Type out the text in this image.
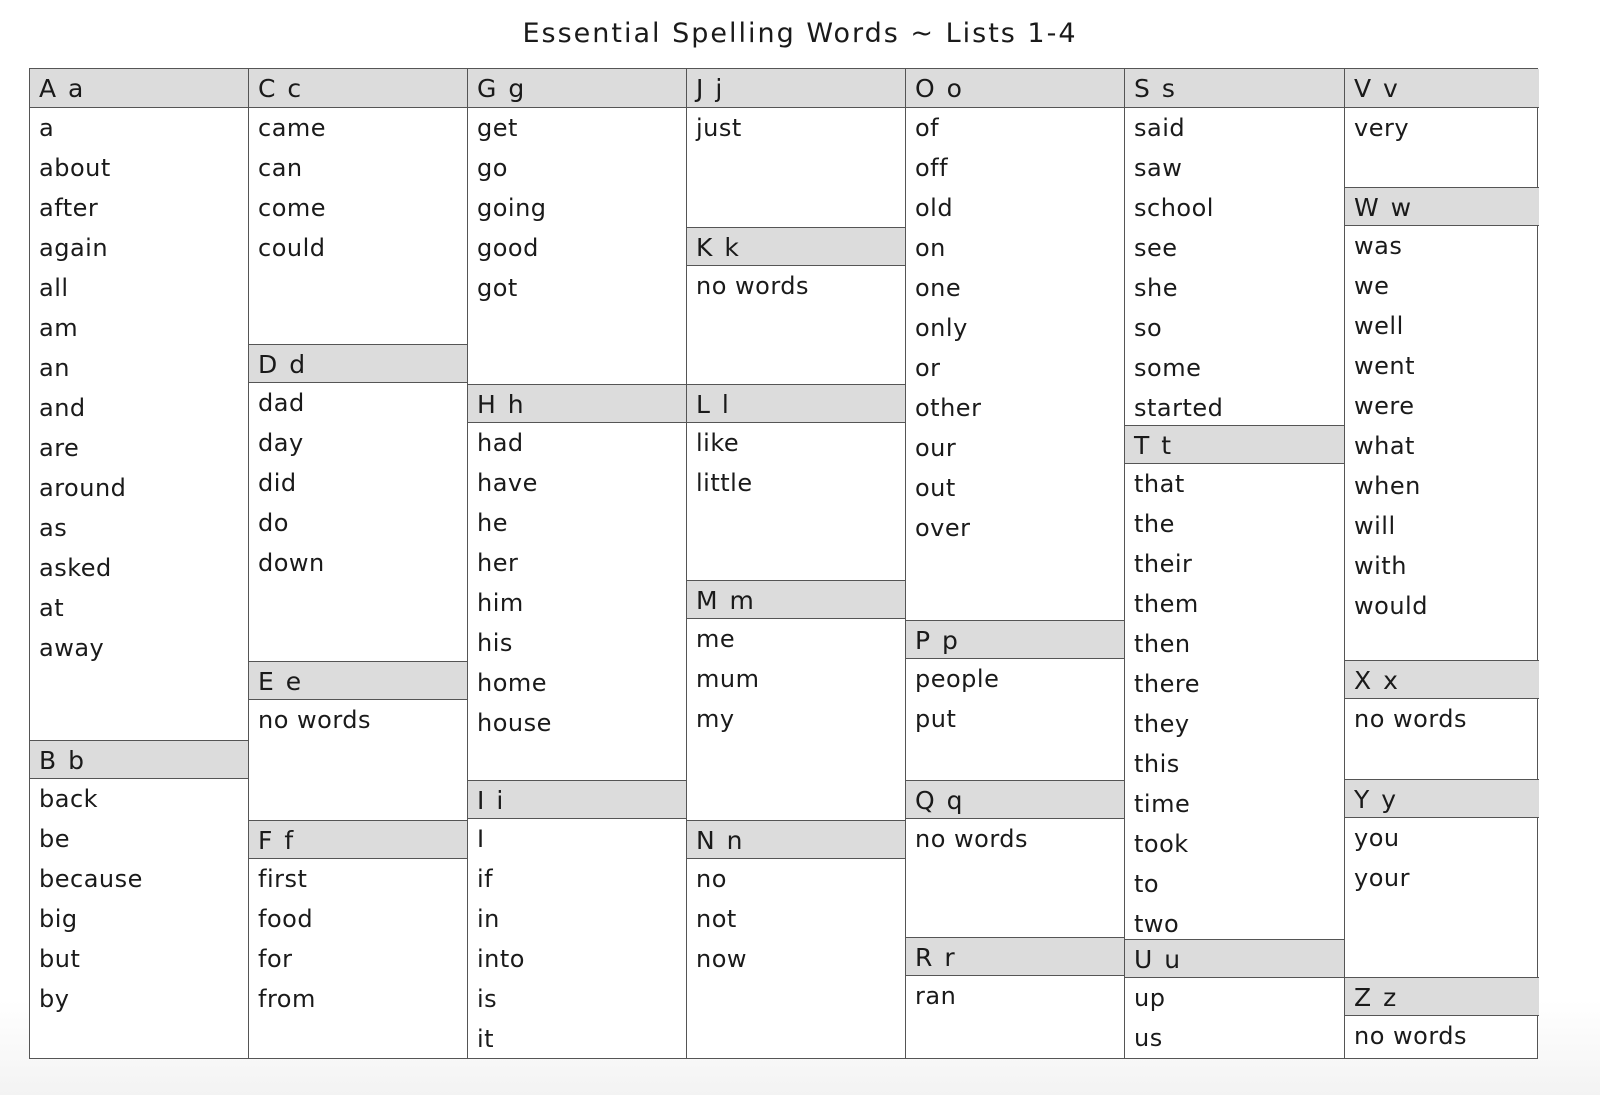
Essential Spelling Words ~ Lists 1-4
A a
a
about
after
again
all
am
an
and
are
around
as
asked
at
away
B b
back
be
because
big
but
by
C c
came
can
come
could
D d
dad
day
did
do
down
E e
no words
F f
first
food
for
from
G g
get
go
going
good
got
H h
had
have
he
her
him
his
home
house
I i
I
if
in
into
is
it
J j
just
K k
no words
L l
like
little
M m
me
mum
my
N n
no
not
now
O o
of
off
old
on
one
only
or
other
our
out
over
P p
people
put
Q q
no words
R r
ran
S s
said
saw
school
see
she
so
some
started
T t
that
the
their
them
then
there
they
this
time
took
to
two
U u
up
us
V v
very
W w
was
we
well
went
were
what
when
will
with
would
X x
no words
Y y
you
your
Z z
no words
